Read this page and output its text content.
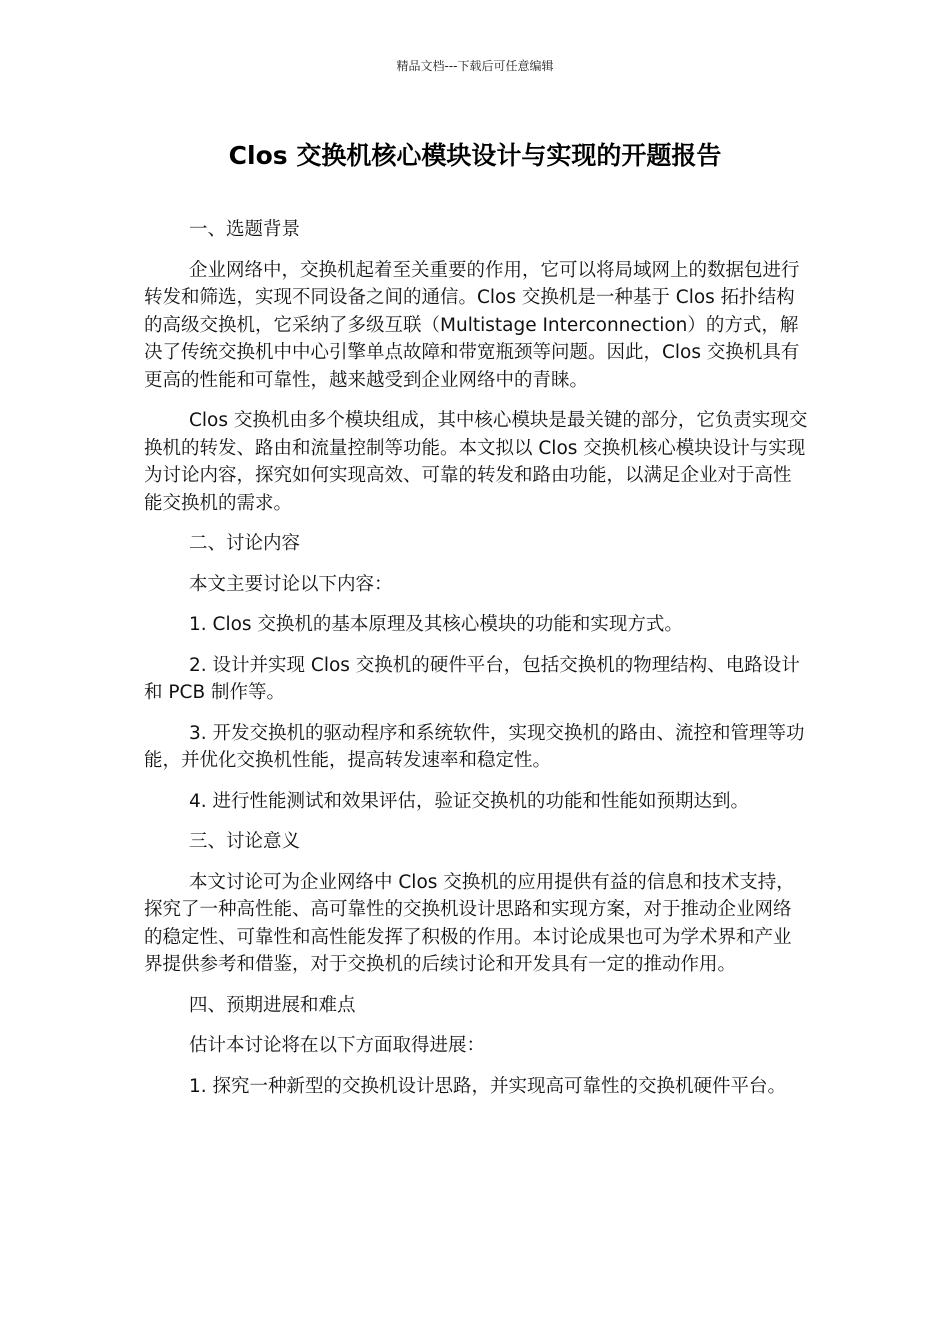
精品文档---下载后可任意编辑
Clos 交换机核心模块设计与实现的开题报告

一、选题背景

企业网络中，交换机起着至关重要的作用，它可以将局域网上的数据包进行转发和筛选，实现不同设备之间的通信。Clos 交换机是一种基于 Clos 拓扑结构的高级交换机，它采纳了多级互联（Multistage Interconnection）的方式，解决了传统交换机中中心引擎单点故障和带宽瓶颈等问题。因此，Clos 交换机具有更高的性能和可靠性，越来越受到企业网络中的青睐。

Clos 交换机由多个模块组成，其中核心模块是最关键的部分，它负责实现交换机的转发、路由和流量控制等功能。本文拟以 Clos 交换机核心模块设计与实现为讨论内容，探究如何实现高效、可靠的转发和路由功能，以满足企业对于高性能交换机的需求。

二、讨论内容

本文主要讨论以下内容：

1. Clos 交换机的基本原理及其核心模块的功能和实现方式。

2. 设计并实现 Clos 交换机的硬件平台，包括交换机的物理结构、电路设计和 PCB 制作等。

3. 开发交换机的驱动程序和系统软件，实现交换机的路由、流控和管理等功能，并优化交换机性能，提高转发速率和稳定性。

4. 进行性能测试和效果评估，验证交换机的功能和性能如预期达到。

三、讨论意义

本文讨论可为企业网络中 Clos 交换机的应用提供有益的信息和技术支持，探究了一种高性能、高可靠性的交换机设计思路和实现方案，对于推动企业网络的稳定性、可靠性和高性能发挥了积极的作用。本讨论成果也可为学术界和产业界提供参考和借鉴，对于交换机的后续讨论和开发具有一定的推动作用。

四、预期进展和难点

估计本讨论将在以下方面取得进展：

1. 探究一种新型的交换机设计思路，并实现高可靠性的交换机硬件平台。
